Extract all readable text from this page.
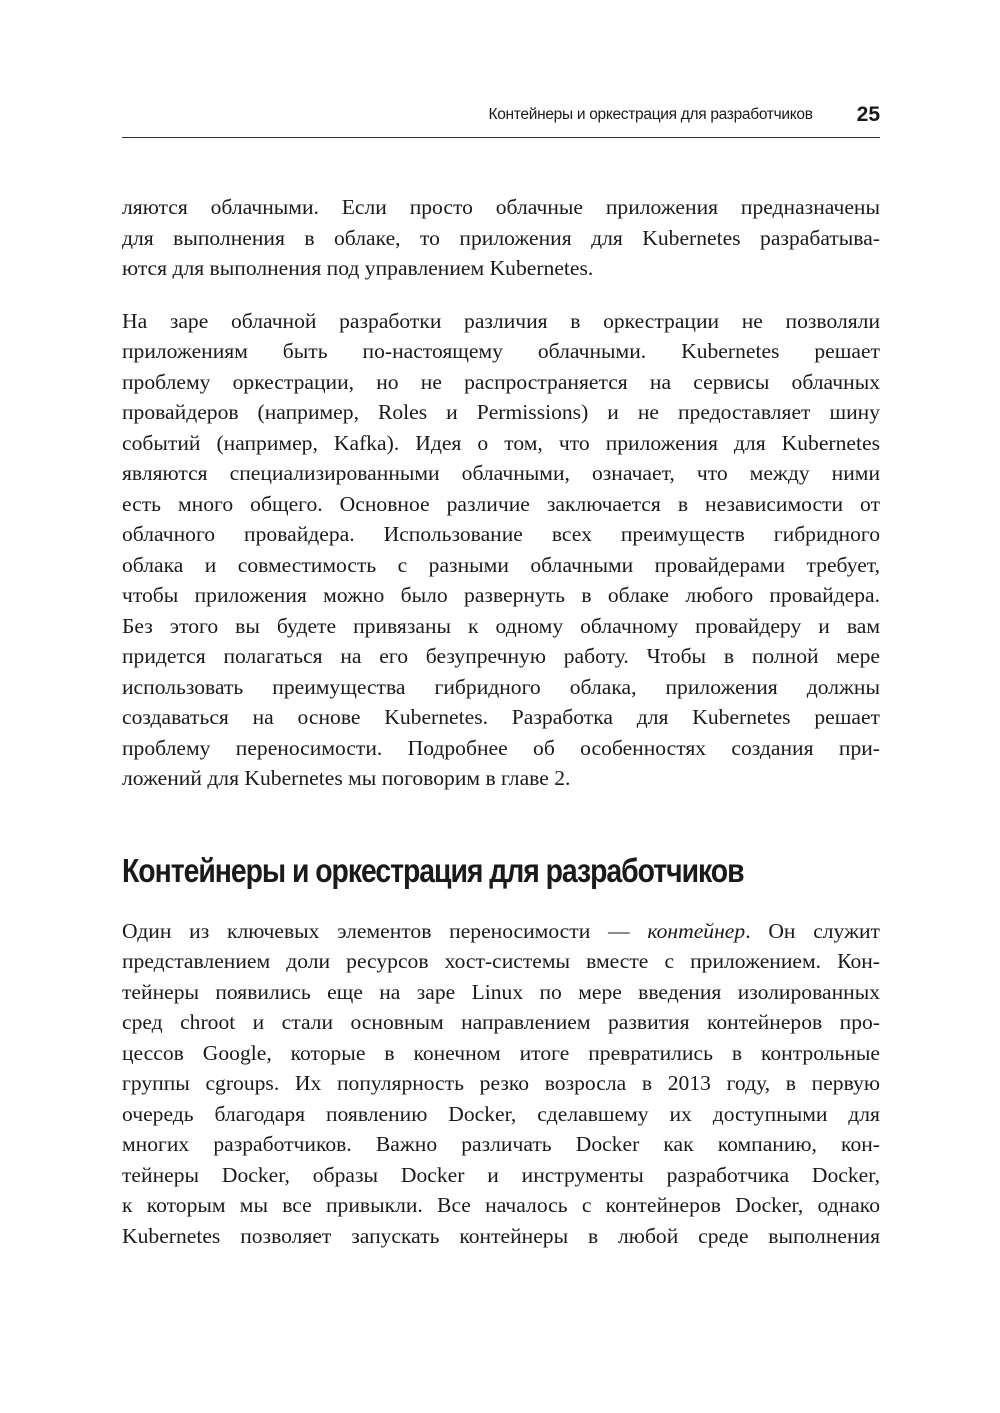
Контейнеры и оркестрация для разработчиков 25

ляются облачными. Если просто облачные приложения предназначены
для выполнения в облаке, то приложения для Kubernetes разрабатыва-
ются для выполнения под управлением Kubernetes.

На заре облачной разработки различия в оркестрации не позволяли
приложениям быть по-настоящему облачными. Kubernetes решает
проблему оркестрации, но не распространяется на сервисы облачных
провайдеров (например, Roles и Permissions) и не предоставляет шину
событий (например, Kafka). Идея о том, что приложения для Kubernetes
являются специализированными облачными, означает, что между ними
есть много общего. Основное различие заключается в независимости от
облачного провайдера. Использование всех преимуществ гибридного
облака и совместимость с разными облачными провайдерами требует,
чтобы приложения можно было развернуть в облаке любого провайдера.
Без этого вы будете привязаны к одному облачному провайдеру и вам
придется полагаться на его безупречную работу. Чтобы в полной мере
использовать преимущества гибридного облака, приложения должны
создаваться на основе Kubernetes. Разработка для Kubernetes решает
проблему переносимости. Подробнее об особенностях создания при-
ложений для Kubernetes мы поговорим в главе 2.

Контейнеры и оркестрация для разработчиков

Один из ключевых элементов переносимости — контейнер. Он служит
представлением доли ресурсов хост-системы вместе с приложением. Кон-
тейнеры появились еще на заре Linux по мере введения изолированных
сред chroot и стали основным направлением развития контейнеров про-
цессов Google, которые в конечном итоге превратились в контрольные
группы cgroups. Их популярность резко возросла в 2013 году, в первую
очередь благодаря появлению Docker, сделавшему их доступными для
многих разработчиков. Важно различать Docker как компанию, кон-
тейнеры Docker, образы Docker и инструменты разработчика Docker,
к которым мы все привыкли. Все началось с контейнеров Docker, однако
Kubernetes позволяет запускать контейнеры в любой среде выполнения
